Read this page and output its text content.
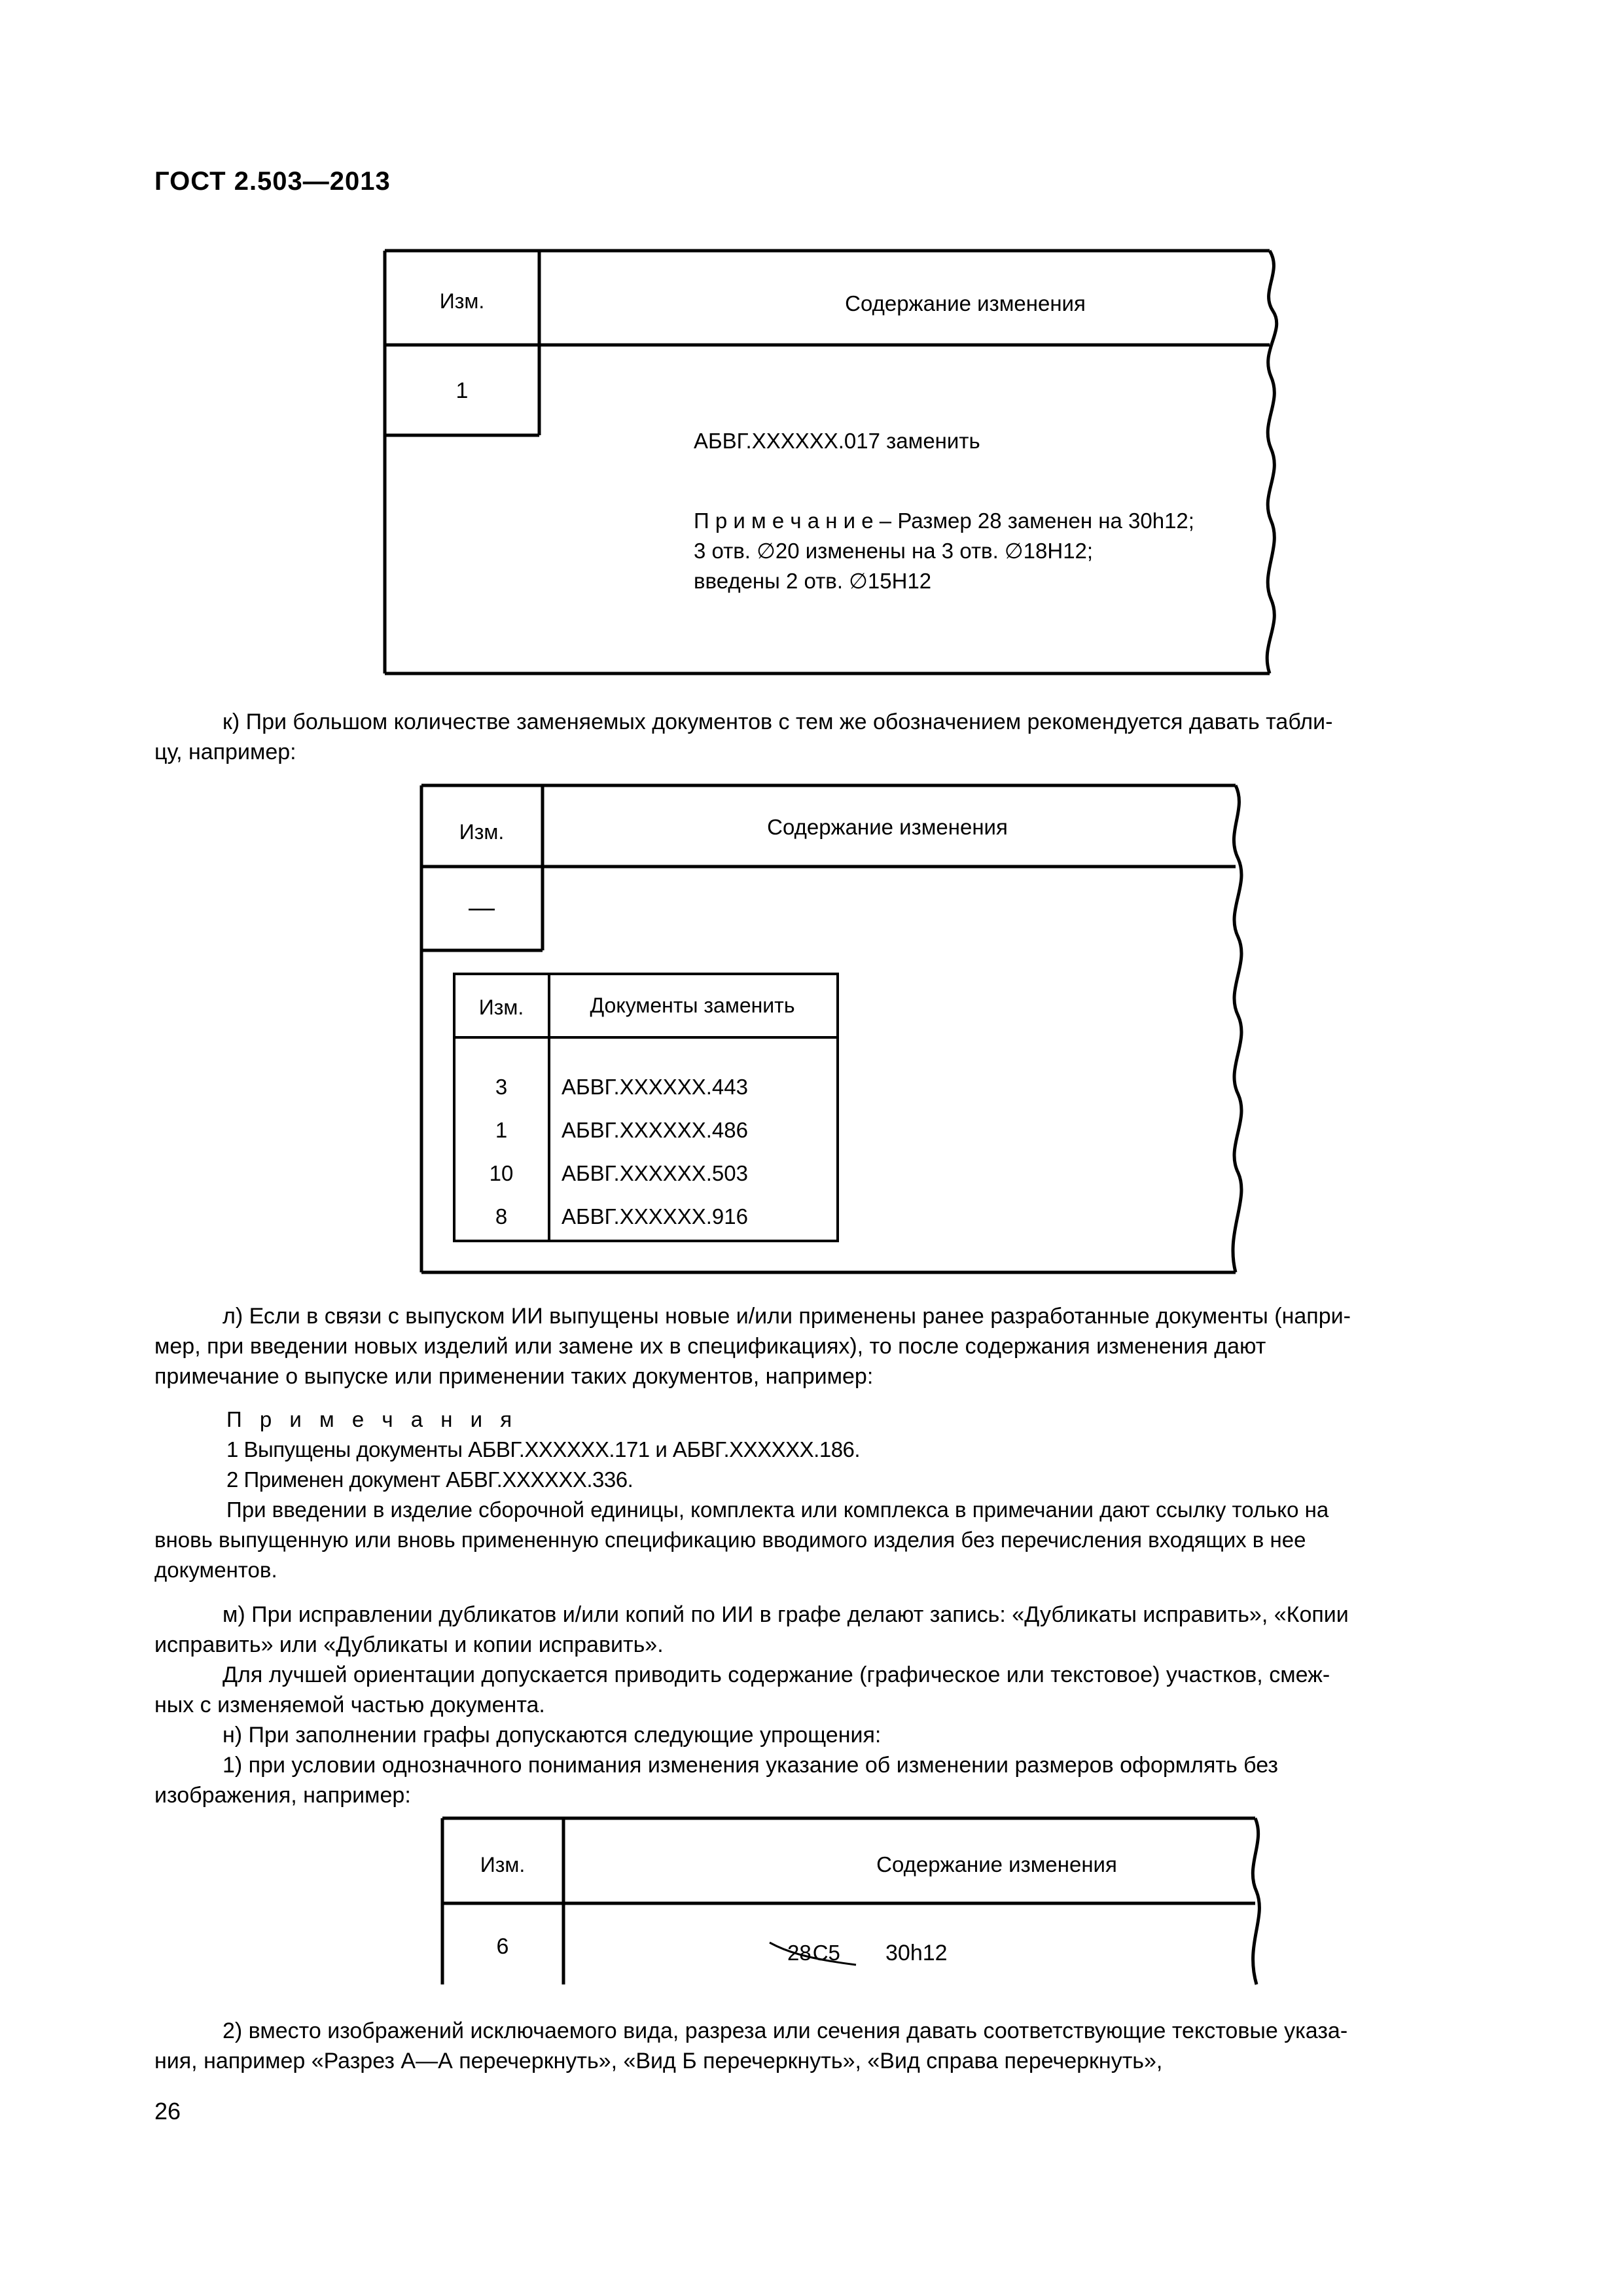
ГОСТ 2.503—2013
Изм.	Содержание изменения
1
АБВГ.ХХХХХХ.017 заменить
П р и м е ч а н и е – Размер 28 заменен на 30h12;
3 отв. ∅20 изменены на 3 отв. ∅18H12;
введены 2 отв. ∅15H12
к) При большом количестве заменяемых документов с тем же обозначением рекомендуется давать табли-
цу, например:
Изм.	Содержание изменения
—
Изм.	Документы заменить
3	АБВГ.ХХХХХХ.443
1	АБВГ.ХХХХХХ.486
10 АБВГ.ХХХХХХ.503
8	АБВГ.ХХХХХХ.916
л) Если в связи с выпуском ИИ выпущены новые и/или применены ранее разработанные документы (напри-
мер, при введении новых изделий или замене их в спецификациях), то после содержания изменения дают
примечание о выпуске или применении таких документов, например:
П р и м е ч а н и я
1 Выпущены документы АБВГ.ХХХХХХ.171 и АБВГ.ХХХХХХ.186.
2 Применен документ АБВГ.ХХХХХХ.336.
При введении в изделие сборочной единицы, комплекта или комплекса в примечании дают ссылку только на
вновь выпущенную или вновь примененную спецификацию вводимого изделия без перечисления входящих в нее
документов.
м) При исправлении дубликатов и/или копий по ИИ в графе делают запись: «Дубликаты исправить», «Копии
исправить» или «Дубликаты и копии исправить».
Для лучшей ориентации допускается приводить содержание (графическое или текстовое) участков, смеж-
ных с изменяемой частью документа.
н) При заполнении графы допускаются следующие упрощения:
1) при условии однозначного понимания изменения указание об изменении размеров оформлять без
изображения, например:
Изм.	Содержание изменения
6	28C5 30h12
2) вместо изображений исключаемого вида, разреза или сечения давать соответствующие текстовые указа-
ния, например «Разрез А—А перечеркнуть», «Вид Б перечеркнуть», «Вид справа перечеркнуть»,
26
